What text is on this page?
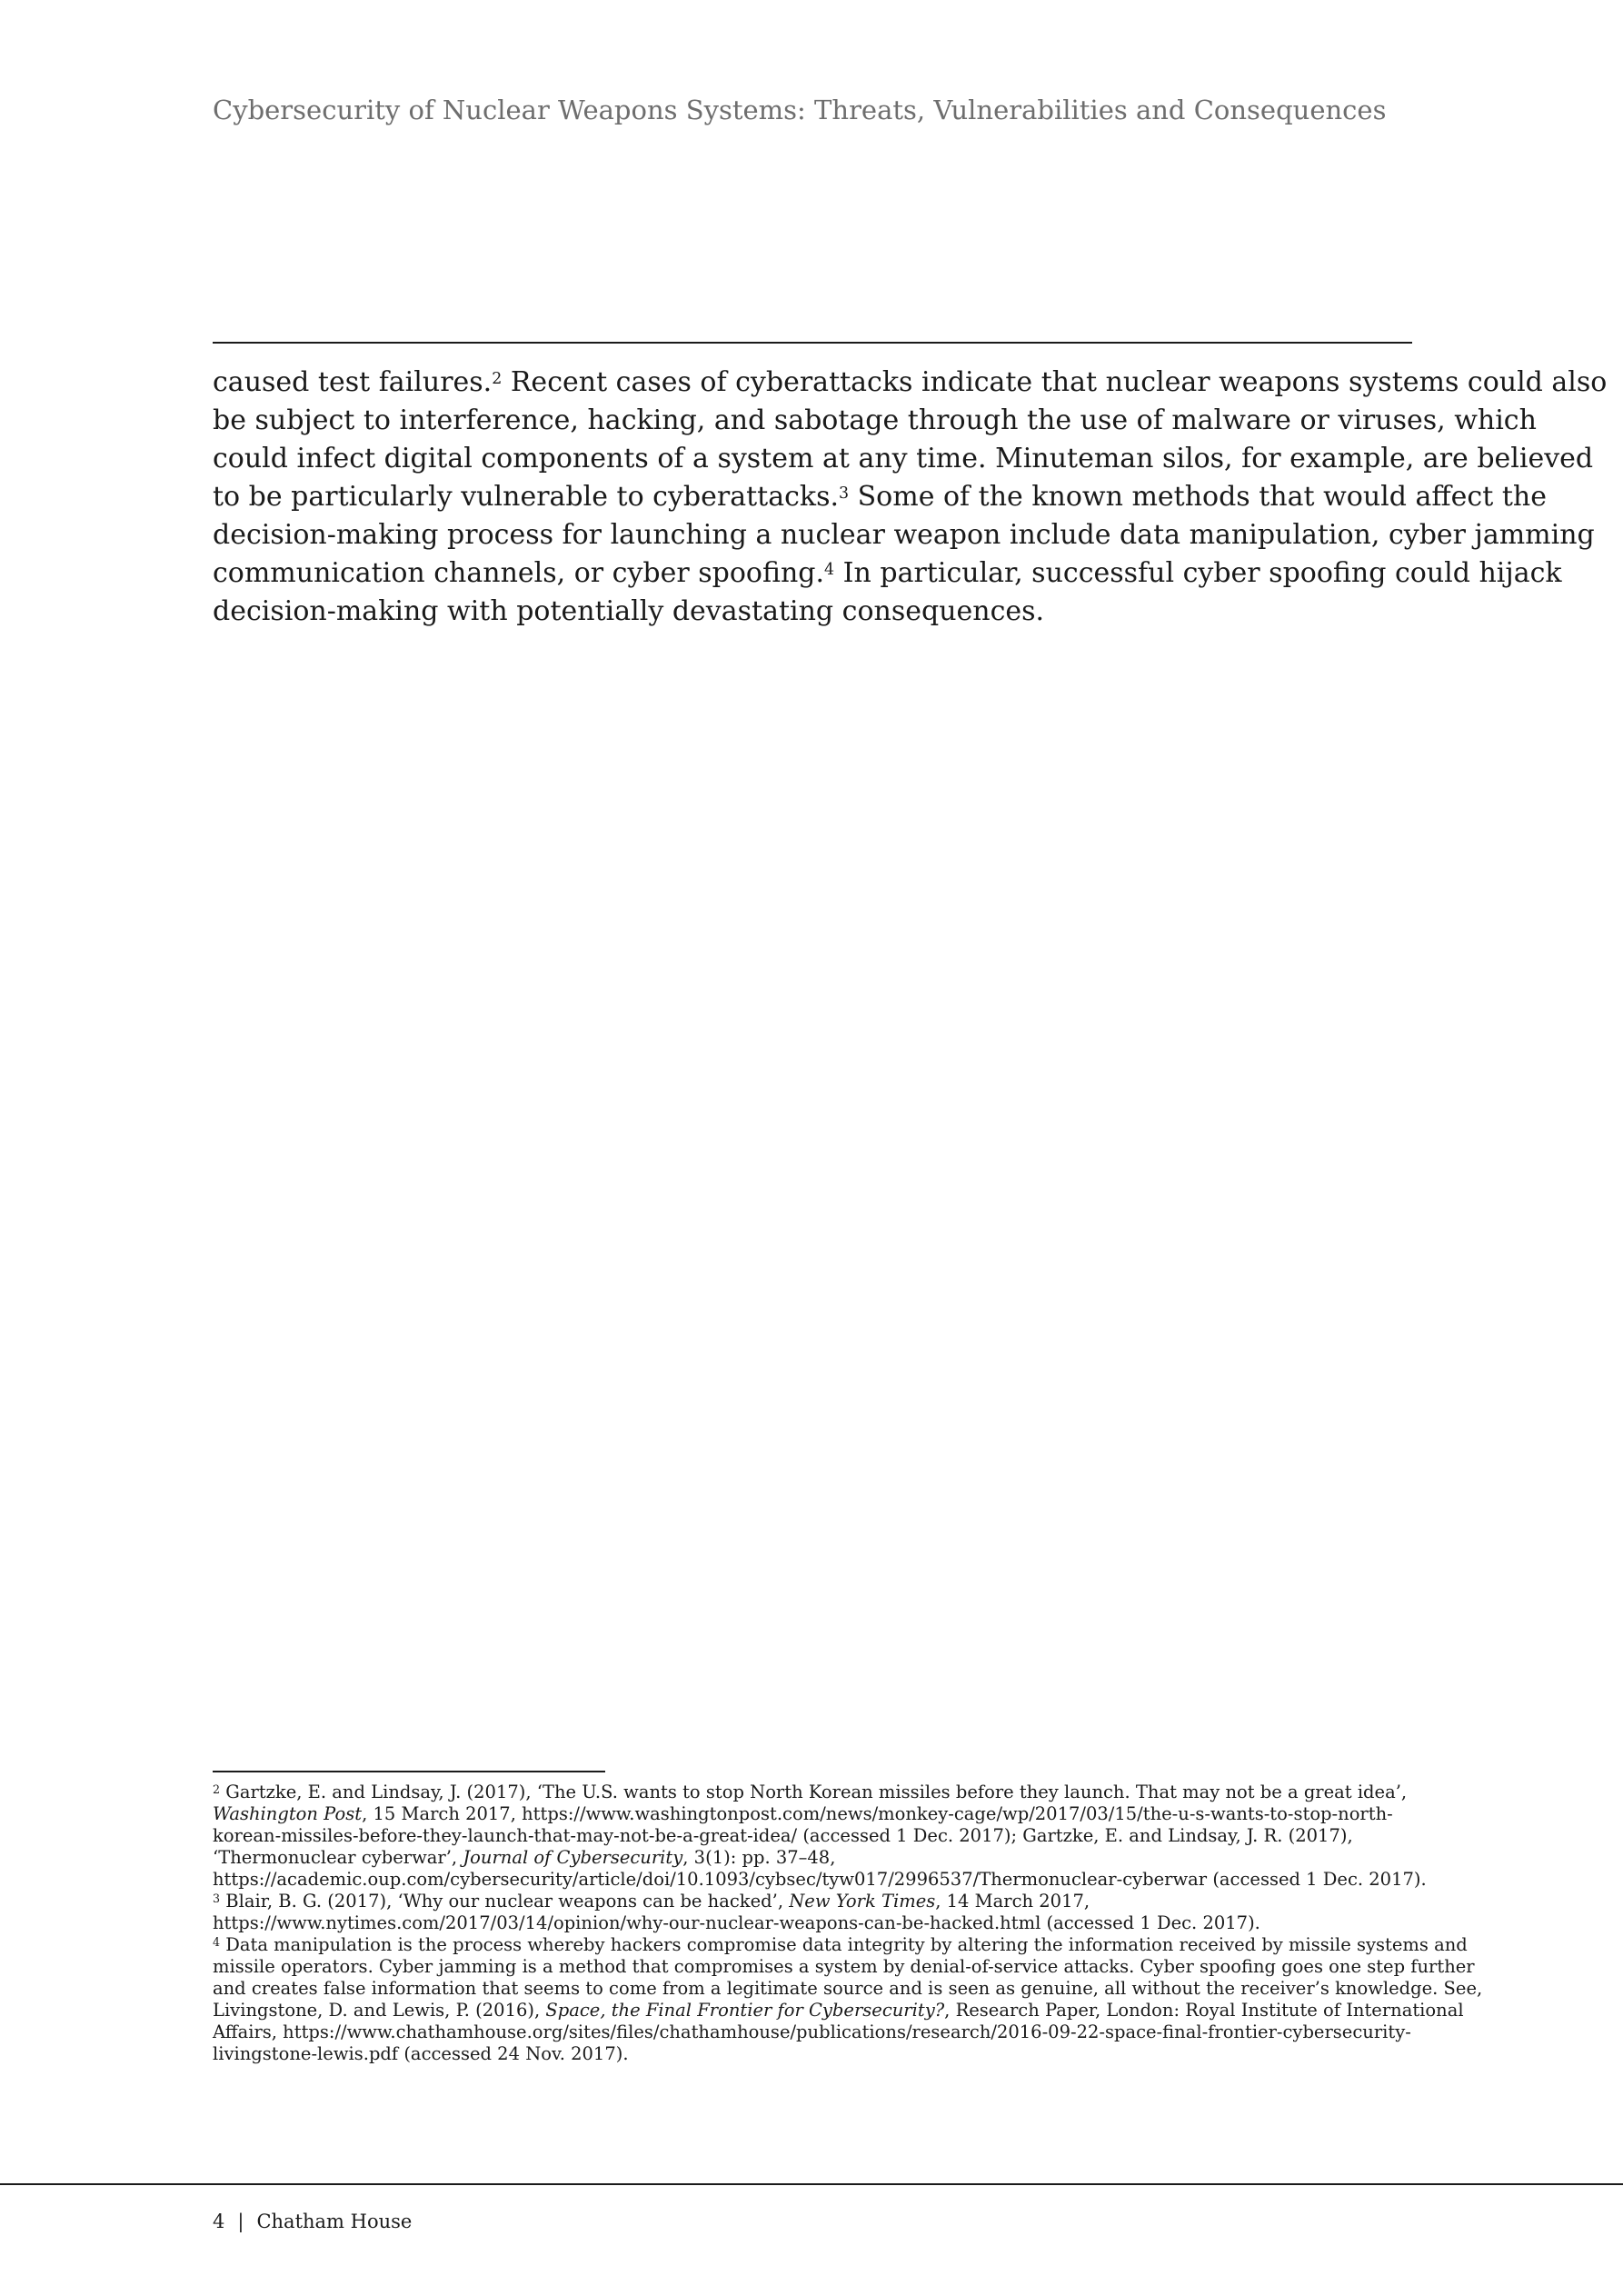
Cybersecurity of Nuclear Weapons Systems: Threats, Vulnerabilities and Consequences
caused test failures.$^2$ Recent cases of cyberattacks indicate that nuclear weapons systems could also
be subject to interference, hacking, and sabotage through the use of malware or viruses, which
could infect digital components of a system at any time. Minuteman silos, for example, are believed
to be particularly vulnerable to cyberattacks.$^3$ Some of the known methods that would affect the
decision-making process for launching a nuclear weapon include data manipulation, cyber jamming
communication channels, or cyber spoofing.$^4$ In particular, successful cyber spoofing could hijack
decision-making with potentially devastating consequences.
$^2$ Gartzke, E. and Lindsay, J. (2017), ‘The U.S. wants to stop North Korean missiles before they launch. That may not be a great idea’,
Washington Post, 15 March 2017, https://www.washingtonpost.com/news/monkey-cage/wp/2017/03/15/the-u-s-wants-to-stop-north-
korean-missiles-before-they-launch-that-may-not-be-a-great-idea/ (accessed 1 Dec. 2017); Gartzke, E. and Lindsay, J. R. (2017),
‘Thermonuclear cyberwar’, Journal of Cybersecurity, 3(1): pp. 37–48,
https://academic.oup.com/cybersecurity/article/doi/10.1093/cybsec/tyw017/2996537/Thermonuclear-cyberwar (accessed 1 Dec. 2017).
$^3$ Blair, B. G. (2017), ‘Why our nuclear weapons can be hacked’, New York Times, 14 March 2017,
https://www.nytimes.com/2017/03/14/opinion/why-our-nuclear-weapons-can-be-hacked.html (accessed 1 Dec. 2017).
$^4$ Data manipulation is the process whereby hackers compromise data integrity by altering the information received by missile systems and
missile operators. Cyber jamming is a method that compromises a system by denial-of-service attacks. Cyber spoofing goes one step further
and creates false information that seems to come from a legitimate source and is seen as genuine, all without the receiver’s knowledge. See,
Livingstone, D. and Lewis, P. (2016), Space, the Final Frontier for Cybersecurity?, Research Paper, London: Royal Institute of International
Affairs, https://www.chathamhouse.org/sites/files/chathamhouse/publications/research/2016-09-22-space-final-frontier-cybersecurity-
livingstone-lewis.pdf (accessed 24 Nov. 2017).
4 | Chatham House
